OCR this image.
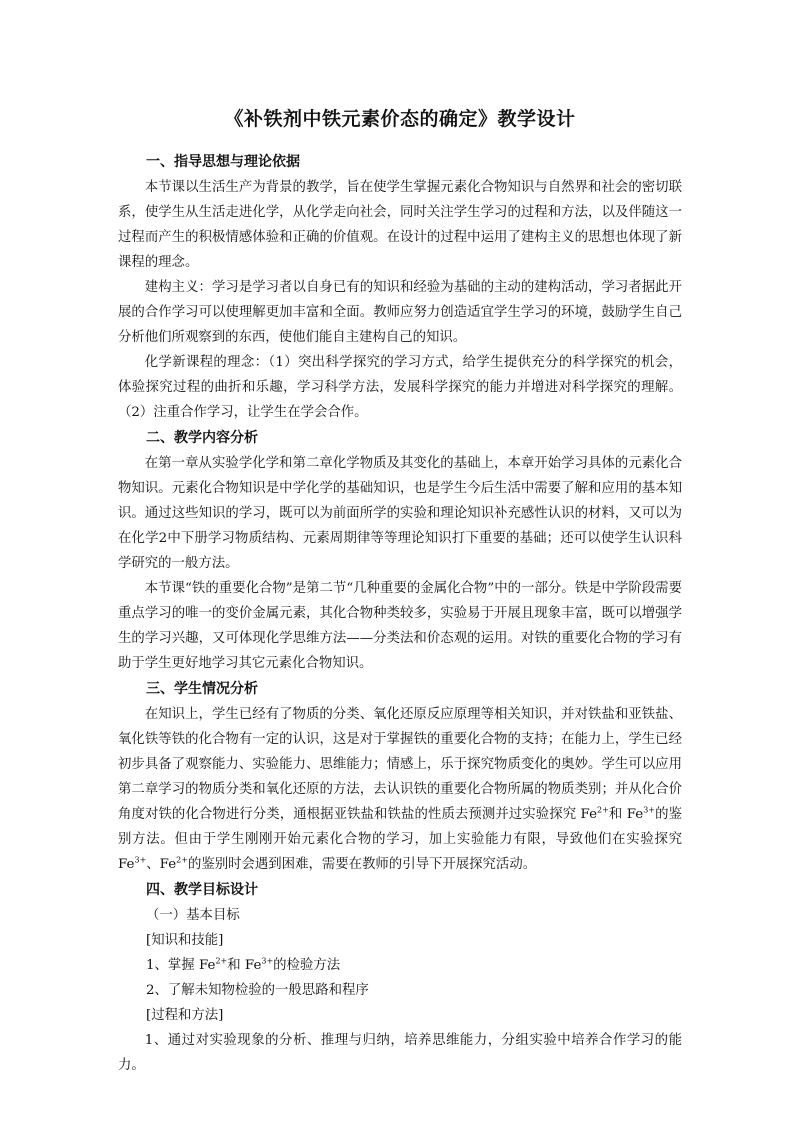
《补铁剂中铁元素价态的确定》教学设计
一、指导思想与理论依据

本节课以生活生产为背景的教学，旨在使学生掌握元素化合物知识与自然界和社会的密切联系，使学生从生活走进化学，从化学走向社会，同时关注学生学习的过程和方法，以及伴随这一过程而产生的积极情感体验和正确的价值观。在设计的过程中运用了建构主义的思想也体现了新课程的理念。

建构主义：学习是学习者以自身已有的知识和经验为基础的主动的建构活动，学习者据此开展的合作学习可以使理解更加丰富和全面。教师应努力创造适宜学生学习的环境，鼓励学生自己分析他们所观察到的东西，使他们能自主建构自己的知识。

化学新课程的理念：（1）突出科学探究的学习方式，给学生提供充分的科学探究的机会，体验探究过程的曲折和乐趣，学习科学方法，发展科学探究的能力并增进对科学探究的理解。（2）注重合作学习，让学生在学会合作。

二、教学内容分析

在第一章从实验学化学和第二章化学物质及其变化的基础上，本章开始学习具体的元素化合物知识。元素化合物知识是中学化学的基础知识，也是学生今后生活中需要了解和应用的基本知识。通过这些知识的学习，既可以为前面所学的实验和理论知识补充感性认识的材料，又可以为在化学2中下册学习物质结构、元素周期律等等理论知识打下重要的基础；还可以使学生认识科学研究的一般方法。

本节课“铁的重要化合物”是第二节“几种重要的金属化合物”中的一部分。铁是中学阶段需要重点学习的唯一的变价金属元素，其化合物种类较多，实验易于开展且现象丰富，既可以增强学生的学习兴趣，又可体现化学思维方法——分类法和价态观的运用。对铁的重要化合物的学习有助于学生更好地学习其它元素化合物知识。

三、学生情况分析

在知识上，学生已经有了物质的分类、氧化还原反应原理等相关知识，并对铁盐和亚铁盐、氧化铁等铁的化合物有一定的认识，这是对于掌握铁的重要化合物的支持；在能力上，学生已经初步具备了观察能力、实验能力、思维能力；情感上，乐于探究物质变化的奥妙。学生可以应用第二章学习的物质分类和氧化还原的方法，去认识铁的重要化合物所属的物质类别；并从化合价角度对铁的化合物进行分类，通根据亚铁盐和铁盐的性质去预测并过实验探究 $Fe^{2+}$和 $Fe^{3+}$的鉴别方法。但由于学生刚刚开始元素化合物的学习，加上实验能力有限，导致他们在实验探究 $Fe^{3+}$、$Fe^{2+}$的鉴别时会遇到困难，需要在教师的引导下开展探究活动。

四、教学目标设计

（一）基本目标

[知识和技能]

1、掌握 $Fe^{2+}$和 $Fe^{3+}$的检验方法

2、了解未知物检验的一般思路和程序

[过程和方法]

1、通过对实验现象的分析、推理与归纳，培养思维能力，分组实验中培养合作学习的能力。
